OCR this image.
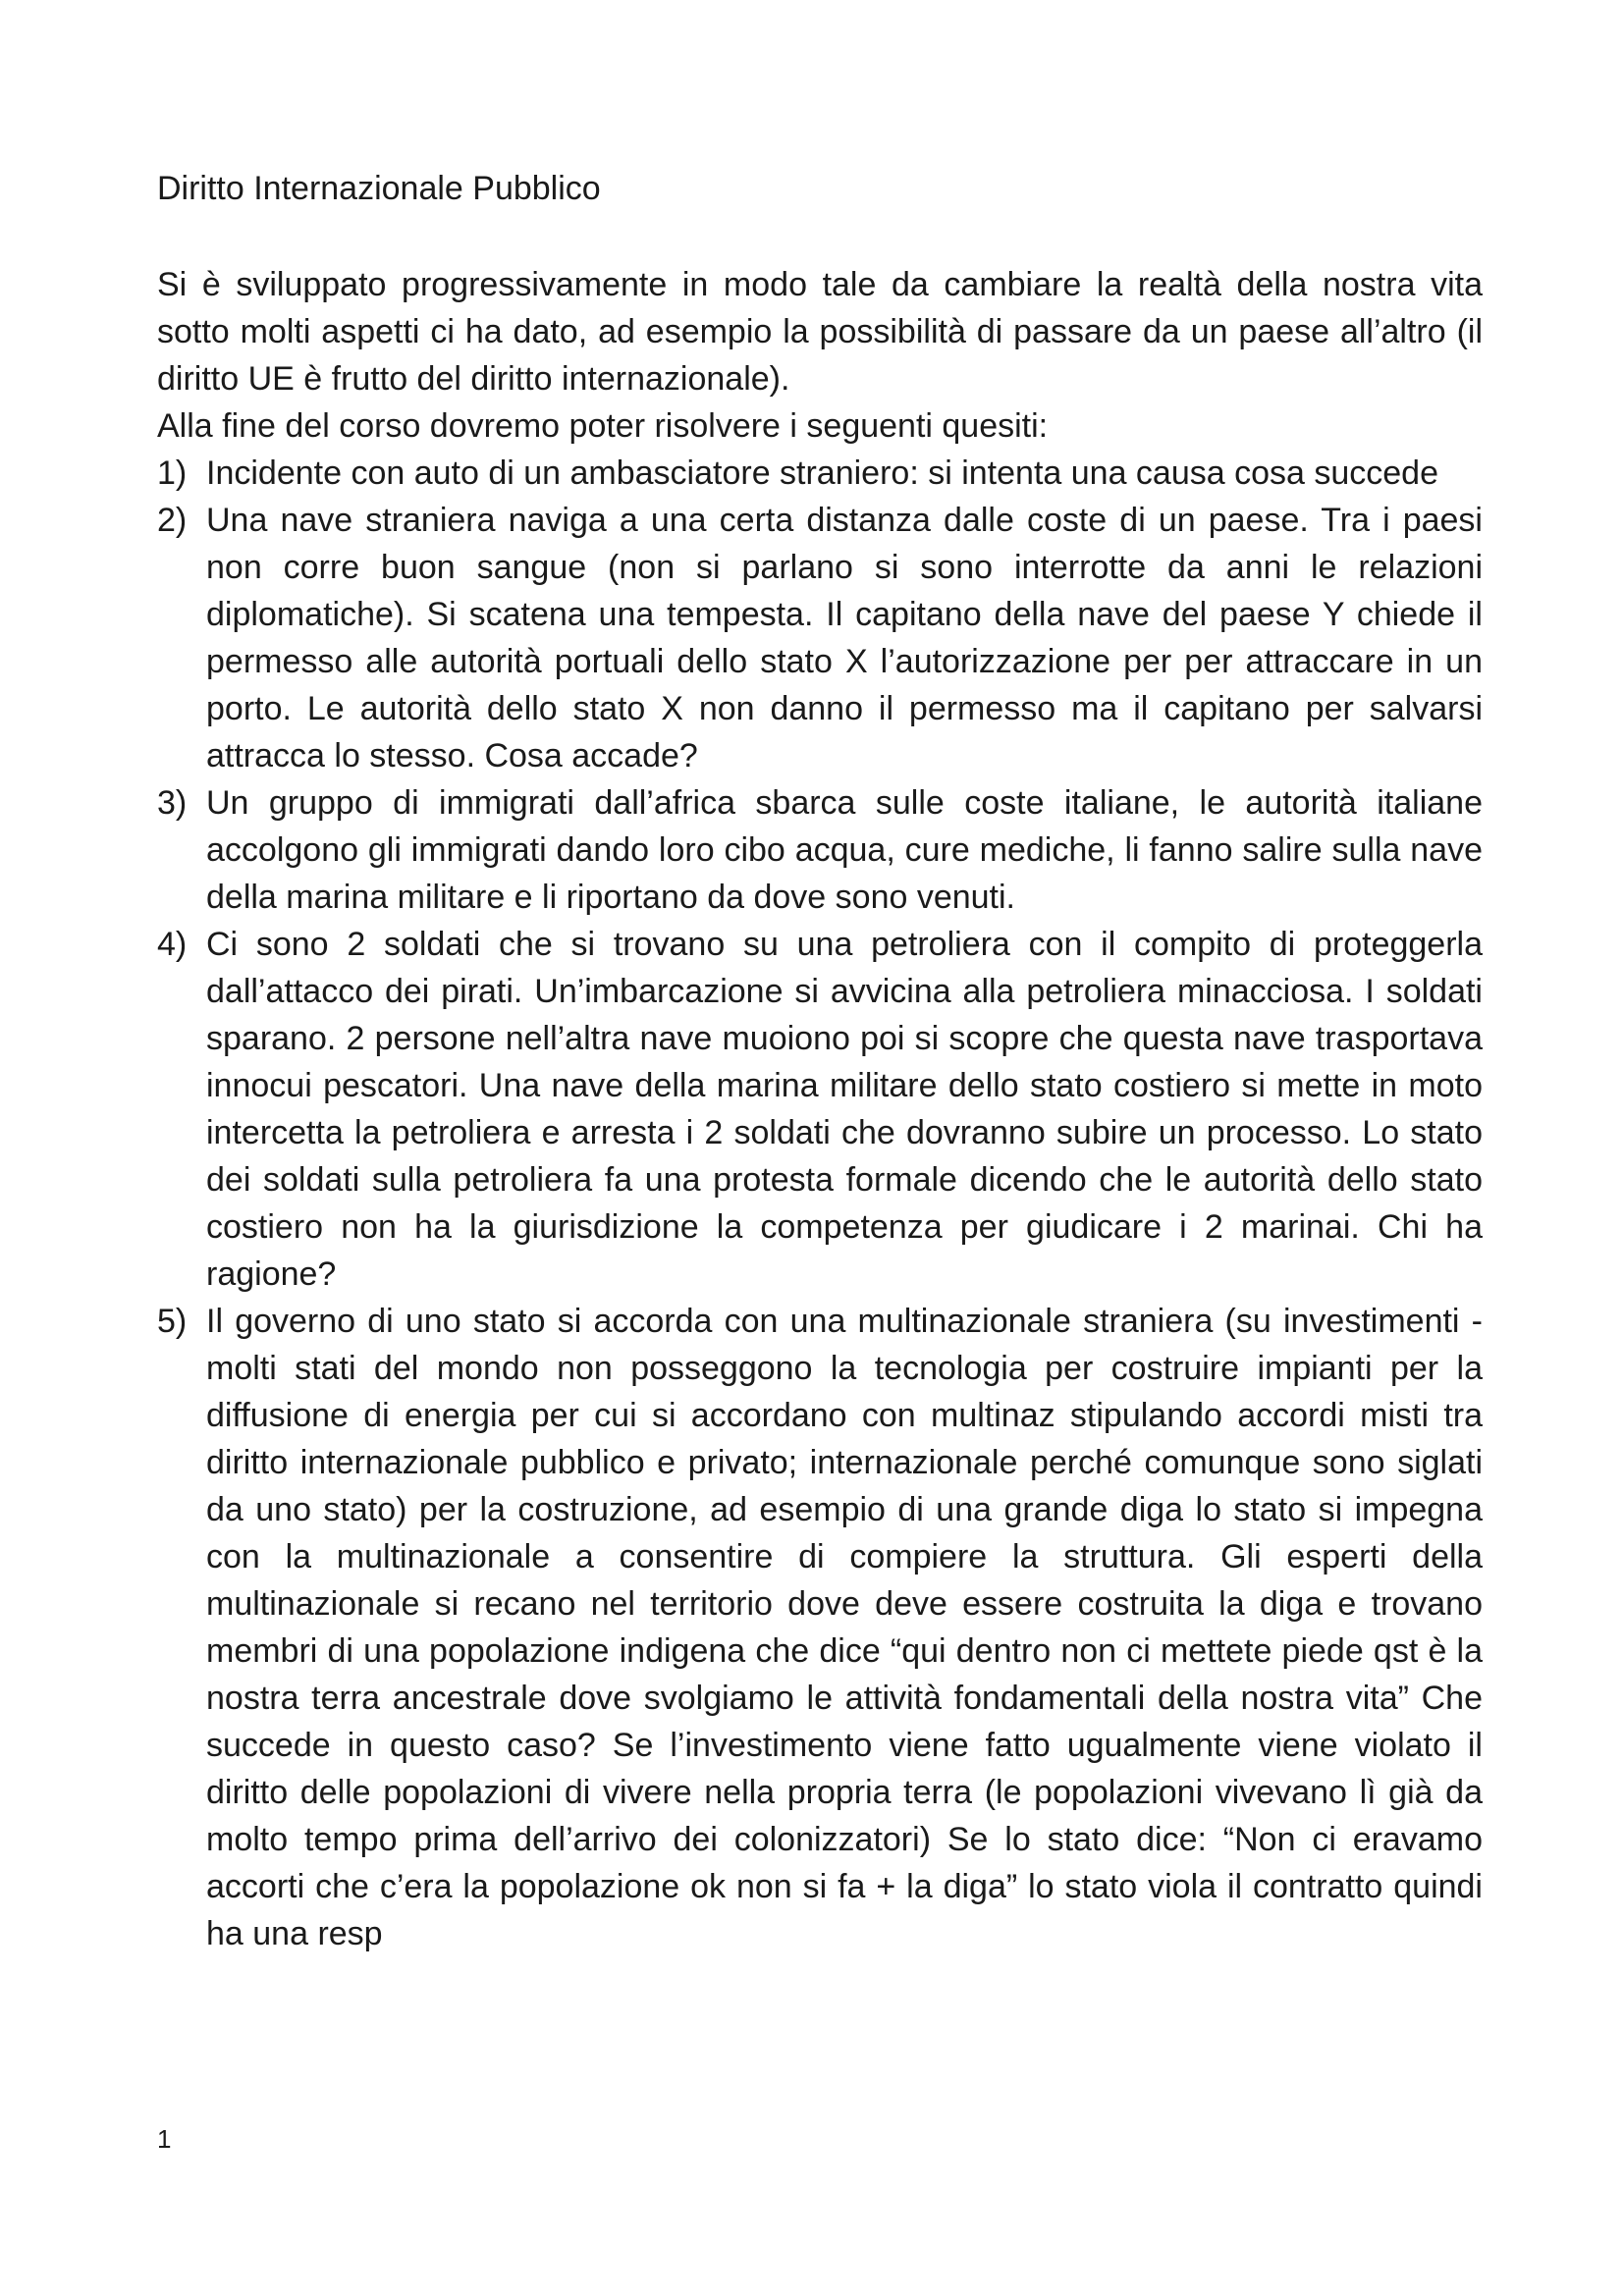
Diritto Internazionale Pubblico

Si è sviluppato progressivamente in modo tale da cambiare la realtà della nostra vita sotto molti aspetti ci ha dato, ad esempio la possibilità di passare da un paese all’altro (il diritto UE è frutto del diritto internazionale).

Alla fine del corso dovremo poter risolvere i seguenti quesiti:

1) Incidente con auto di un ambasciatore straniero: si intenta una causa cosa succede
2) Una nave straniera naviga a una certa distanza dalle coste di un paese. Tra i paesi non corre buon sangue (non si parlano si sono interrotte da anni le relazioni diplomatiche). Si scatena una tempesta. Il capitano della nave del paese Y chiede il permesso alle autorità portuali dello stato X l’autorizzazione per per attraccare in un porto. Le autorità dello stato X non danno il permesso ma il capitano per salvarsi attracca lo stesso. Cosa accade?
3) Un gruppo di immigrati dall’africa sbarca sulle coste italiane, le autorità italiane accolgono gli immigrati dando loro cibo acqua, cure mediche, li fanno salire sulla nave della marina militare e li riportano da dove sono venuti.
4) Ci sono 2 soldati che si trovano su una petroliera con il compito di proteggerla dall’attacco dei pirati. Un’imbarcazione si avvicina alla petroliera minacciosa. I soldati sparano. 2 persone nell’altra nave muoiono poi si scopre che questa nave trasportava innocui pescatori. Una nave della marina militare dello stato costiero si mette in moto intercetta la petroliera e arresta i 2 soldati che dovranno subire un processo. Lo stato dei soldati sulla petroliera fa una protesta formale dicendo che le autorità dello stato costiero non ha la giurisdizione la competenza per giudicare i 2 marinai. Chi ha ragione?
5) Il governo di uno stato si accorda con una multinazionale straniera (su investimenti - molti stati del mondo non posseggono la tecnologia per costruire impianti per la diffusione di energia per cui si accordano con multinaz stipulando accordi misti tra diritto internazionale pubblico e privato; internazionale perché comunque sono siglati da uno stato) per la costruzione, ad esempio di una grande diga lo stato si impegna con la multinazionale a consentire di compiere la struttura. Gli esperti della multinazionale si recano nel territorio dove deve essere costruita la diga e trovano membri di una popolazione indigena che dice “qui dentro non ci mettete piede qst è la nostra terra ancestrale dove svolgiamo le attività fondamentali della nostra vita” Che succede in questo caso? Se l’investimento viene fatto ugualmente viene violato il diritto delle popolazioni di vivere nella propria terra (le popolazioni vivevano lì già da molto tempo prima dell’arrivo dei colonizzatori) Se lo stato dice: “Non ci eravamo accorti che c’era la popolazione ok non si fa + la diga” lo stato viola il contratto quindi ha una resp
1
